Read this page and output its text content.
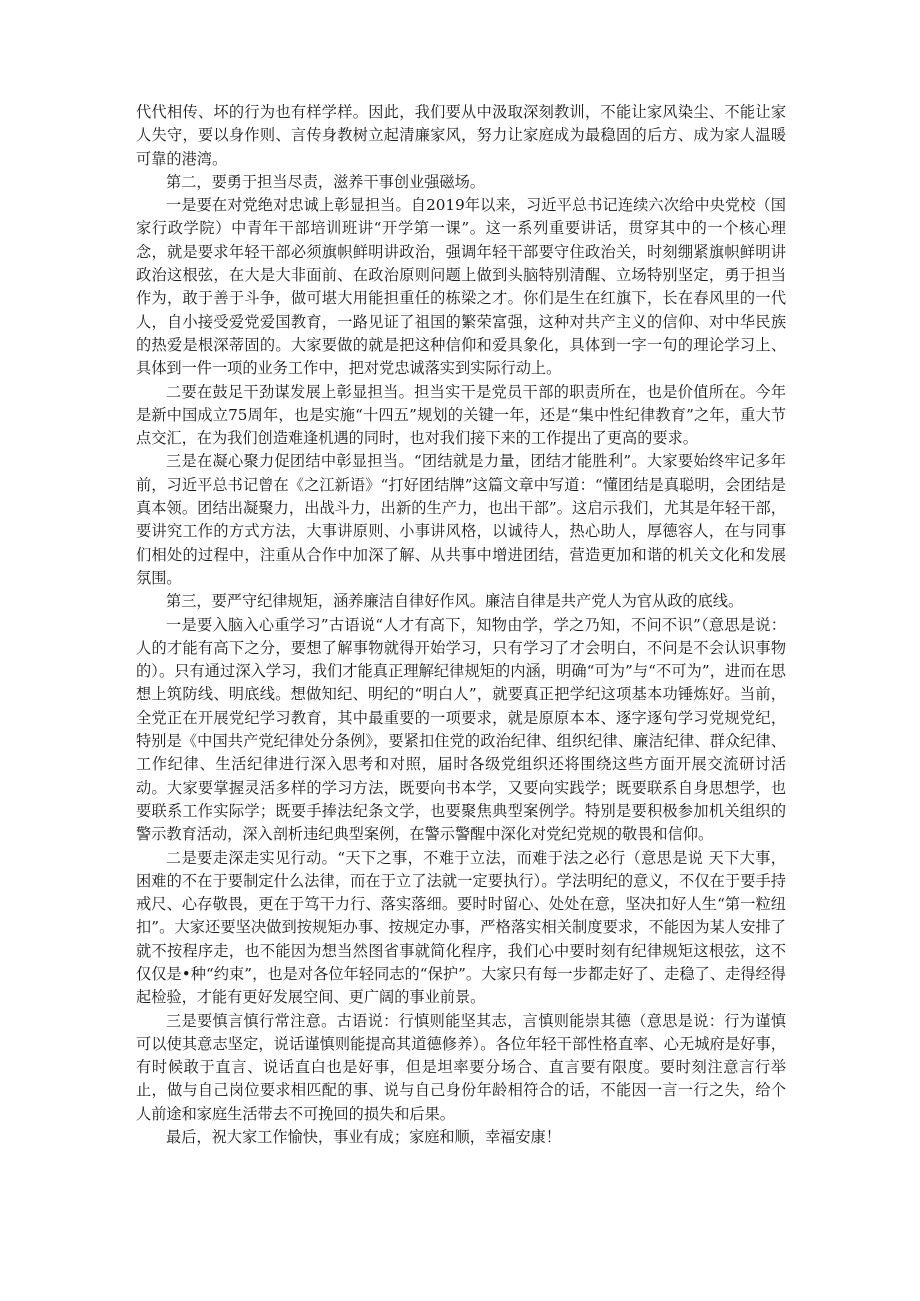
代代相传、坏的行为也有样学样。因此，我们要从中汲取深刻教训，不能让家风染尘、不能让家人失守，要以身作则、言传身教树立起清廉家风，努力让家庭成为最稳固的后方、成为家人温暖可靠的港湾。

第二，要勇于担当尽责，滋养干事创业强磁场。

一是要在对党绝对忠诚上彰显担当。自2019年以来，习近平总书记连续六次给中央党校（国家行政学院）中青年干部培训班讲“开学第一课”。这一系列重要讲话，贯穿其中的一个核心理念，就是要求年轻干部必须旗帜鲜明讲政治，强调年轻干部要守住政治关，时刻绷紧旗帜鲜明讲政治这根弦，在大是大非面前、在政治原则问题上做到头脑特别清醒、立场特别坚定，勇于担当作为，敢于善于斗争，做可堪大用能担重任的栋梁之才。你们是生在红旗下，长在春风里的一代人，自小接受爱党爱国教育，一路见证了祖国的繁荣富强，这种对共产主义的信仰、对中华民族的热爱是根深蒂固的。大家要做的就是把这种信仰和爱具象化，具体到一字一句的理论学习上、具体到一件一项的业务工作中，把对党忠诚落实到实际行动上。

二要在鼓足干劲谋发展上彰显担当。担当实干是党员干部的职责所在，也是价值所在。今年是新中国成立75周年，也是实施“十四五”规划的关键一年，还是“集中性纪律教育”之年，重大节点交汇，在为我们创造难逢机遇的同时，也对我们接下来的工作提出了更高的要求。

三是在凝心聚力促团结中彰显担当。“团结就是力量，团结才能胜利”。大家要始终牢记多年前，习近平总书记曾在《之江新语》“打好团结牌”这篇文章中写道：“懂团结是真聪明，会团结是真本领。团结出凝聚力，出战斗力，出新的生产力，也出干部”。这启示我们，尤其是年轻干部，要讲究工作的方式方法，大事讲原则、小事讲风格，以诚待人，热心助人，厚德容人，在与同事们相处的过程中，注重从合作中加深了解、从共事中增进团结，营造更加和谐的机关文化和发展氛围。

第三，要严守纪律规矩，涵养廉洁自律好作风。廉洁自律是共产党人为官从政的底线。

一是要入脑入心重学习”古语说“人才有高下，知物由学，学之乃知，不问不识”（意思是说：人的才能有高下之分，要想了解事物就得开始学习，只有学习了才会明白，不问是不会认识事物的）。只有通过深入学习，我们才能真正理解纪律规矩的内涵，明确“可为”与“不可为”，进而在思想上筑防线、明底线。想做知纪、明纪的“明白人”，就要真正把学纪这项基本功锤炼好。当前，全党正在开展党纪学习教育，其中最重要的一项要求，就是原原本本、逐字逐句学习党规党纪，特别是《中国共产党纪律处分条例》，要紧扣住党的政治纪律、组织纪律、廉洁纪律、群众纪律、工作纪律、生活纪律进行深入思考和对照，届时各级党组织还将围绕这些方面开展交流研讨活动。大家要掌握灵活多样的学习方法，既要向书本学，又要向实践学；既要联系自身思想学，也要联系工作实际学；既要手捧法纪条文学，也要聚焦典型案例学。特别是要积极参加机关组织的警示教育活动，深入剖析违纪典型案例，在警示警醒中深化对党纪党规的敬畏和信仰。

二是要走深走实见行动。“天下之事，不难于立法，而难于法之必行（意思是说 天下大事，困难的不在于要制定什么法律，而在于立了法就一定要执行）。学法明纪的意义，不仅在于要手持戒尺、心存敬畏，更在于笃干力行、落实落细。要时时留心、处处在意，坚决扣好人生“第一粒纽扣”。大家还要坚决做到按规矩办事、按规定办事，严格落实相关制度要求，不能因为某人安排了就不按程序走，也不能因为想当然图省事就简化程序，我们心中要时刻有纪律规矩这根弦，这不仅仅是•种“约束”，也是对各位年轻同志的“保护”。大家只有每一步都走好了、走稳了、走得经得起检验，才能有更好发展空间、更广阔的事业前景。

三是要慎言慎行常注意。古语说：行慎则能坚其志，言慎则能崇其德（意思是说：行为谨慎可以使其意志坚定，说话谨慎则能提高其道德修养）。各位年轻干部性格直率、心无城府是好事，有时候敢于直言、说话直白也是好事，但是坦率要分场合、直言要有限度。要时刻注意言行举止，做与自己岗位要求相匹配的事、说与自己身份年龄相符合的话，不能因一言一行之失，给个人前途和家庭生活带去不可挽回的损失和后果。

最后，祝大家工作愉快，事业有成；家庭和顺，幸福安康！
